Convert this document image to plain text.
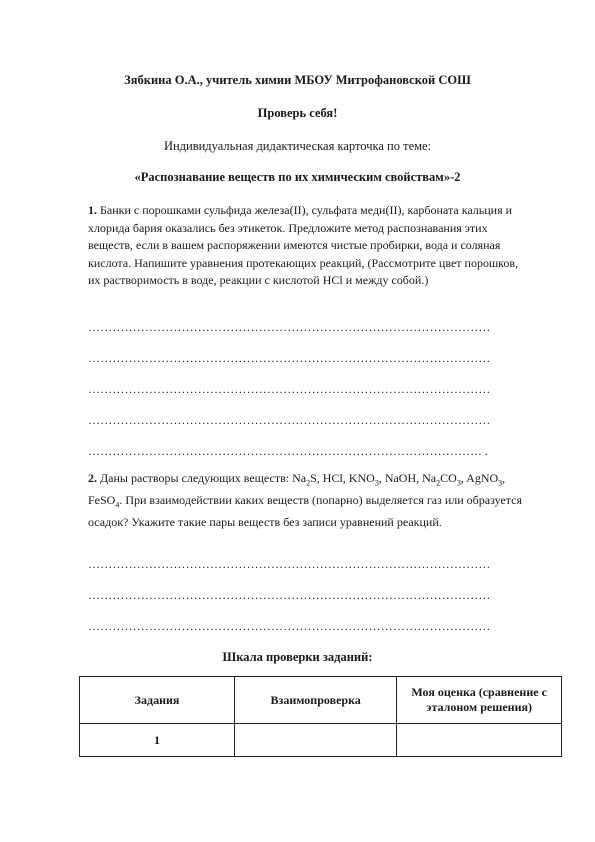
Зябкина О.А., учитель химии МБОУ Митрофановской СОШ
Проверь себя!
Индивидуальная дидактическая карточка по теме:
«Распознавание веществ по их химическим свойствам»-2
1. Банки с порошками сульфида железа(II), сульфата меди(II), карбоната кальция и хлорида бария оказались без этикеток. Предложите метод распознавания этих веществ, если в вашем распоряжении имеются чистые пробирки, вода и соляная кислота. Напишите уравнения протекающих реакций, (Рассмотрите цвет порошков, их растворимость в воде, реакции с кислотой HCl и между собой.)
………………………………………………………………………………………
………………………………………………………………………………………
………………………………………………………………………………………
………………………………………………………………………………………
……………………………………………………………………………………. .
2. Даны растворы следующих веществ: $Na_2S$, HCl, $KNO_3$, NaOH, $Na_2CO_3$, AgNO$_3$, FeSO$_4$. При взаимодействии каких веществ (попарно) выделяется газ или образуется осадок? Укажите такие пары веществ без записи уравнений реакций.
………………………………………………………………………………………
………………………………………………………………………………………
………………………………………………………………………………………
Шкала проверки заданий:
Задания	Взаимопроверка	Моя оценка (сравнение с эталоном решения)
1		
